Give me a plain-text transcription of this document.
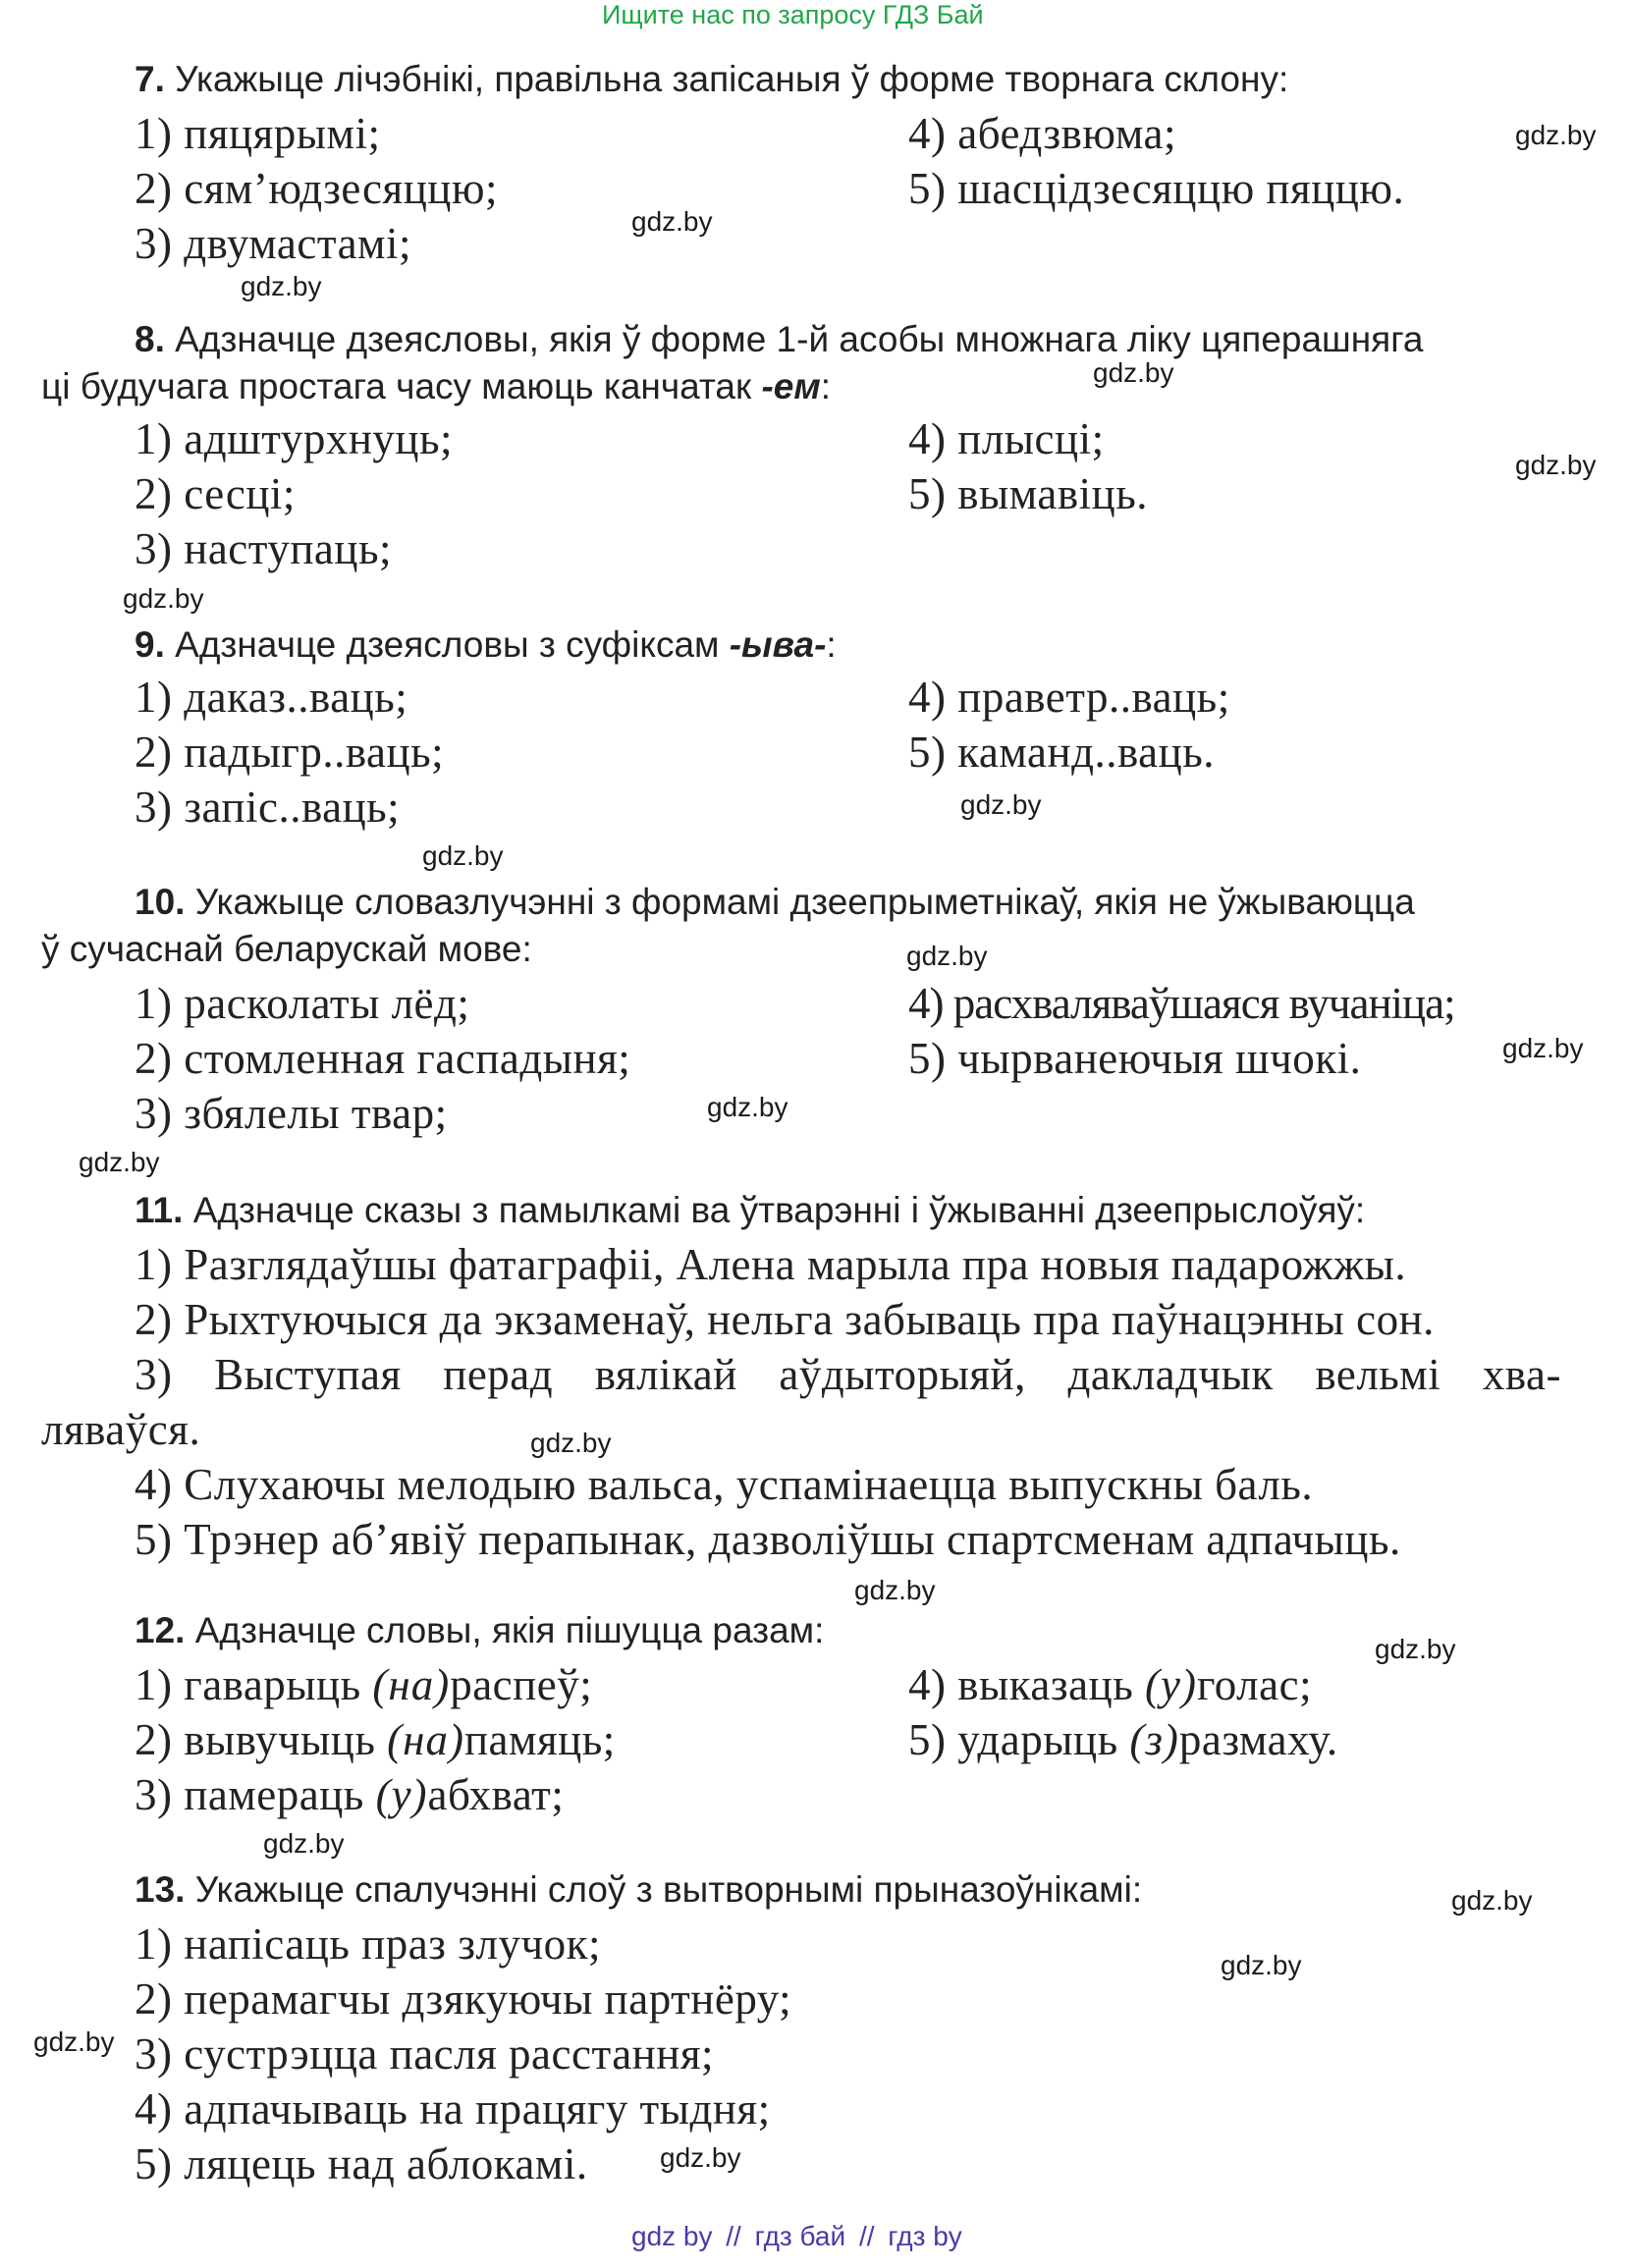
Ищите нас по запросу ГДЗ Бай
7. Укажыце лічэбнікі, правільна запісаныя ў форме творнага склону:
1) пяцярымі;
2) сям’юдзесяццю;
3) двумастамі;
4) абедзвюма;
5) шасцідзесяццю пяццю.
8. Адзначце дзеясловы, якія ў форме 1-й асобы множнага ліку цяперашняга
ці будучага простага часу маюць канчатак -ем:
1) адштурхнуць;
2) сесці;
3) наступаць;
4) плысці;
5) вымавіць.
9. Адзначце дзеясловы з суфіксам -ыва-:
1) даказ..ваць;
2) падыгр..ваць;
3) запіс..ваць;
4) праветр..ваць;
5) каманд..ваць.
10. Укажыце словазлучэнні з формамі дзеепрыметнікаў, якія не ўжываюцца
ў сучаснай беларускай мове:
1) расколаты лёд;
2) стомленная гаспадыня;
3) збялелы твар;
4) расхваляваўшаяся вучаніца;
5) чырванеючыя шчокі.
11. Адзначце сказы з памылкамі ва ўтварэнні і ўжыванні дзеепрыслоўяў:
1) Разглядаўшы фатаграфіі, Алена марыла пра новыя падарожжы.
2) Рыхтуючыся да экзаменаў, нельга забываць пра паўнацэнны сон.
3) Выступая перад вялікай аўдыторыяй, дакладчык вельмі хва-
ляваўся.
4) Слухаючы мелодыю вальса, успамінаецца выпускны баль.
5) Трэнер аб’явіў перапынак, дазволіўшы спартсменам адпачыць.
12. Адзначце словы, якія пішуцца разам:
1) гаварыць (на)распеў;
2) вывучыць (на)памяць;
3) памераць (у)абхват;
4) выказаць (у)голас;
5) ударыць (з)размаху.
13. Укажыце спалучэнні слоў з вытворнымі прыназоўнікамі:
1) напісаць праз злучок;
2) перамагчы дзякуючы партнёру;
3) сустрэцца пасля расстання;
4) адпачываць на працягу тыдня;
5) ляцець над аблокамі.
gdz.by
gdz.by
gdz.by
gdz.by
gdz.by
gdz.by
gdz.by
gdz.by
gdz.by
gdz.by
gdz.by
gdz.by
gdz.by
gdz.by
gdz.by
gdz.by
gdz.by
gdz.by
gdz.by
gdz.by
gdz by // гдз бай // гдз by
